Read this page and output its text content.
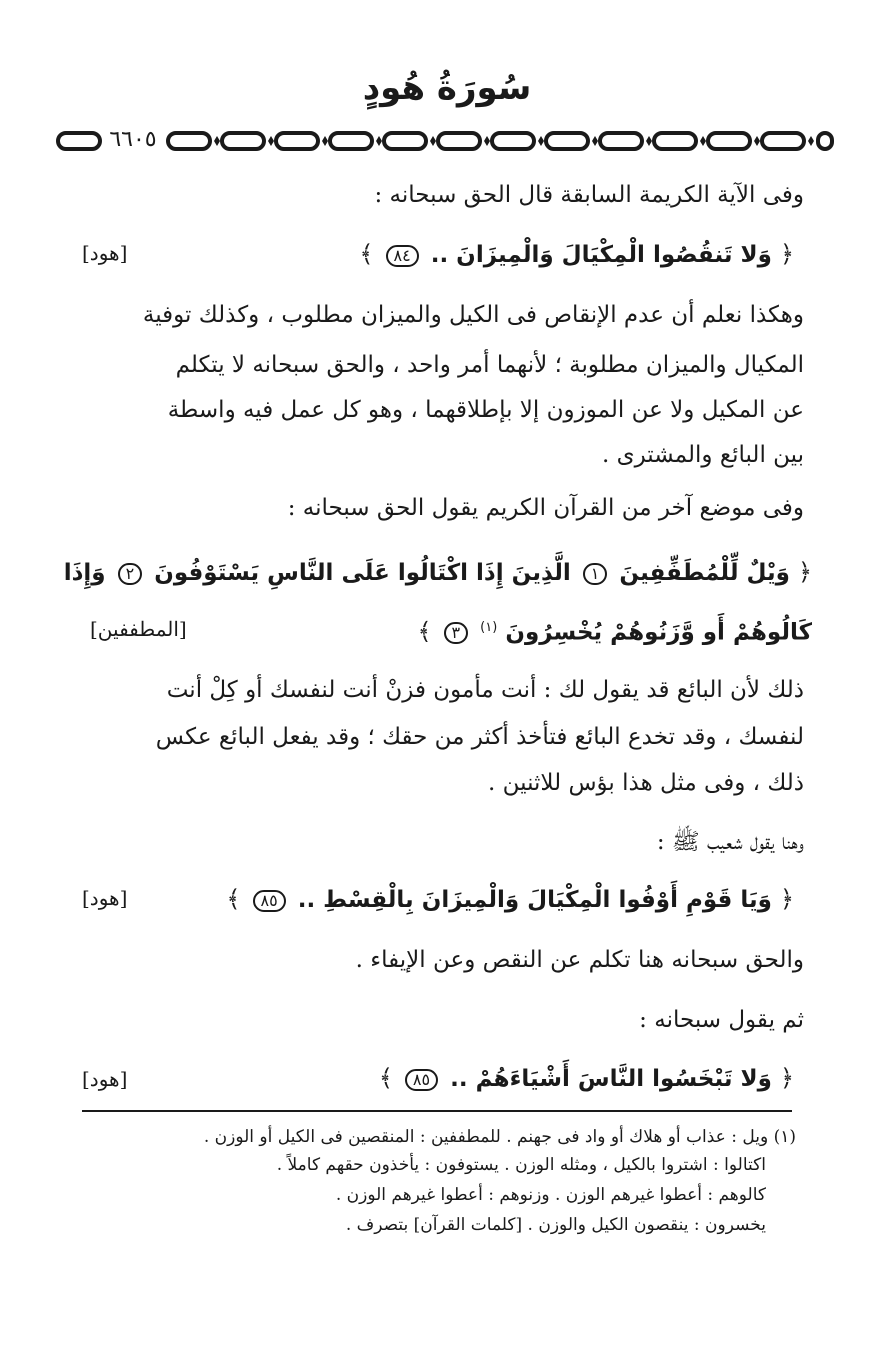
سُورَةُ هُودٍ
٦٦٠٥
وفى الآية الكريمة السابقة قال الحق سبحانه :
﴿ وَلا تَنقُصُوا الْمِكْيَالَ وَالْمِيزَانَ .. ٨٤ ﴾
[هود]
وهكذا نعلم أن عدم الإنقاص فى الكيل والميزان مطلوب ، وكذلك توفية
المكيال والميزان مطلوبة ؛ لأنهما أمر واحد ، والحق سبحانه لا يتكلم
عن المكيل ولا عن الموزون إلا بإطلاقهما ، وهو كل عمل فيه واسطة
بين البائع والمشترى .
وفى موضع آخر من القرآن الكريم يقول الحق سبحانه :
﴿ وَيْلٌ لِّلْمُطَفِّفِينَ ١ الَّذِينَ إِذَا اكْتَالُوا عَلَى النَّاسِ يَسْتَوْفُونَ ٢ وَإِذَا
كَالُوهُمْ أَو وَّزَنُوهُمْ يُخْسِرُونَ $^{(١)}$ ٣ ﴾
[المطففين]
ذلك لأن البائع قد يقول لك : أنت مأمون فزنْ أنت لنفسك أو كِلْ أنت
لنفسك ، وقد تخدع البائع فتأخذ أكثر من حقك ؛ وقد يفعل البائع عكس
ذلك ، وفى مثل هذا بؤس للاثنين .
وهنا يقول شعيب ﷺ :
﴿ وَيَا قَوْمِ أَوْفُوا الْمِكْيَالَ وَالْمِيزَانَ بِالْقِسْطِ .. ٨٥ ﴾
[هود]
والحق سبحانه هنا تكلم عن النقص وعن الإيفاء .
ثم يقول سبحانه :
﴿ وَلا تَبْخَسُوا النَّاسَ أَشْيَاءَهُمْ .. ٨٥ ﴾
[هود]
(١) ويل : عذاب أو هلاك أو واد فى جهنم . للمطففين : المنقصين فى الكيل أو الوزن .
اكتالوا : اشتروا بالكيل ، ومثله الوزن . يستوفون : يأخذون حقهم كاملاً .
كالوهم : أعطوا غيرهم الوزن . وزنوهم : أعطوا غيرهم الوزن .
يخسرون : ينقصون الكيل والوزن . [كلمات القرآن] بتصرف .
